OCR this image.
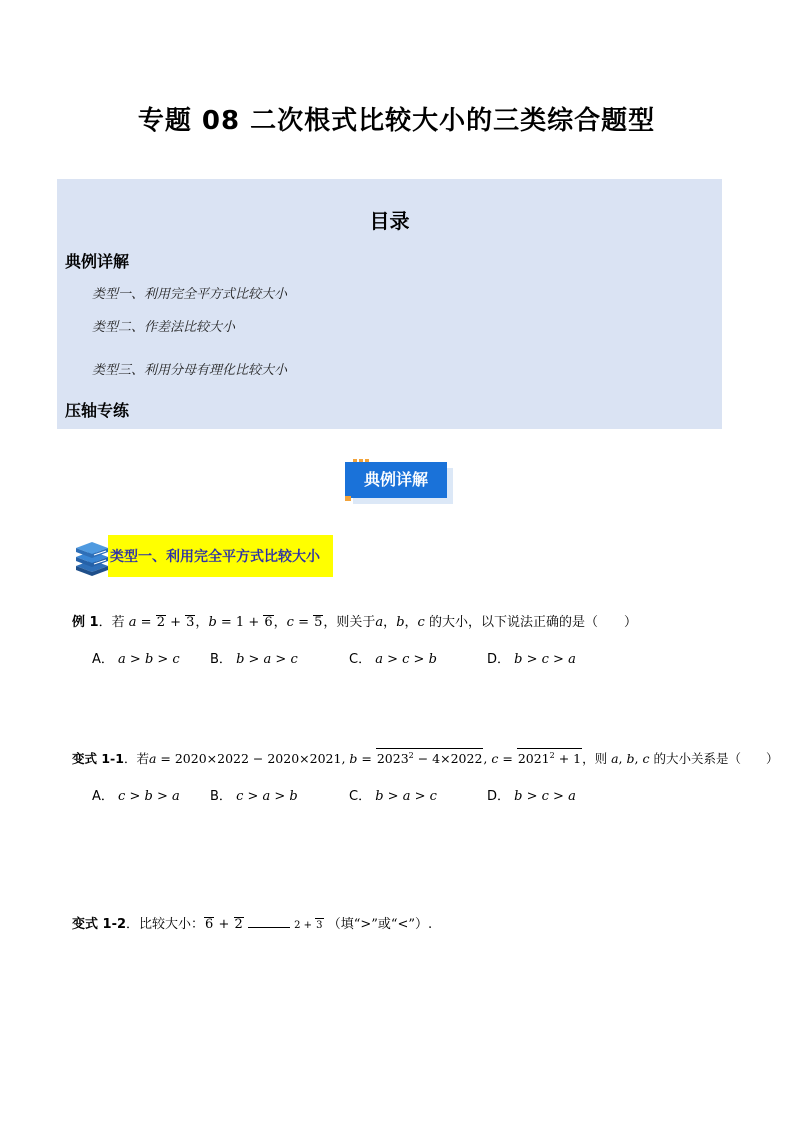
专题 08 二次根式比较大小的三类综合题型
目录
典例详解
类型一、利用完全平方式比较大小
类型二、作差法比较大小
类型三、利用分母有理化比较大小
压轴专练
典例详解
类型一、利用完全平方式比较大小
例 1．若 a = 2 + 3，b = 1 + 6，c = 5，则关于a，b，c 的大小，以下说法正确的是（　　）
A． a > b > c B． b > a > c	C． a > c > b	D． b > c > a
变式 1-1．若a = 2020×2022 − 2020×2021, $b = 2023^2 - 4\times 2022$, $c = 2021^2 + 1$，则 a, b, c 的大小关系是（　　）
A． c > b > a B． c > a > b	C． b > a > c	D． b > c > a
变式 1-2．比较大小：6 + 2	2 + 3 （填“>”或“<”）.
